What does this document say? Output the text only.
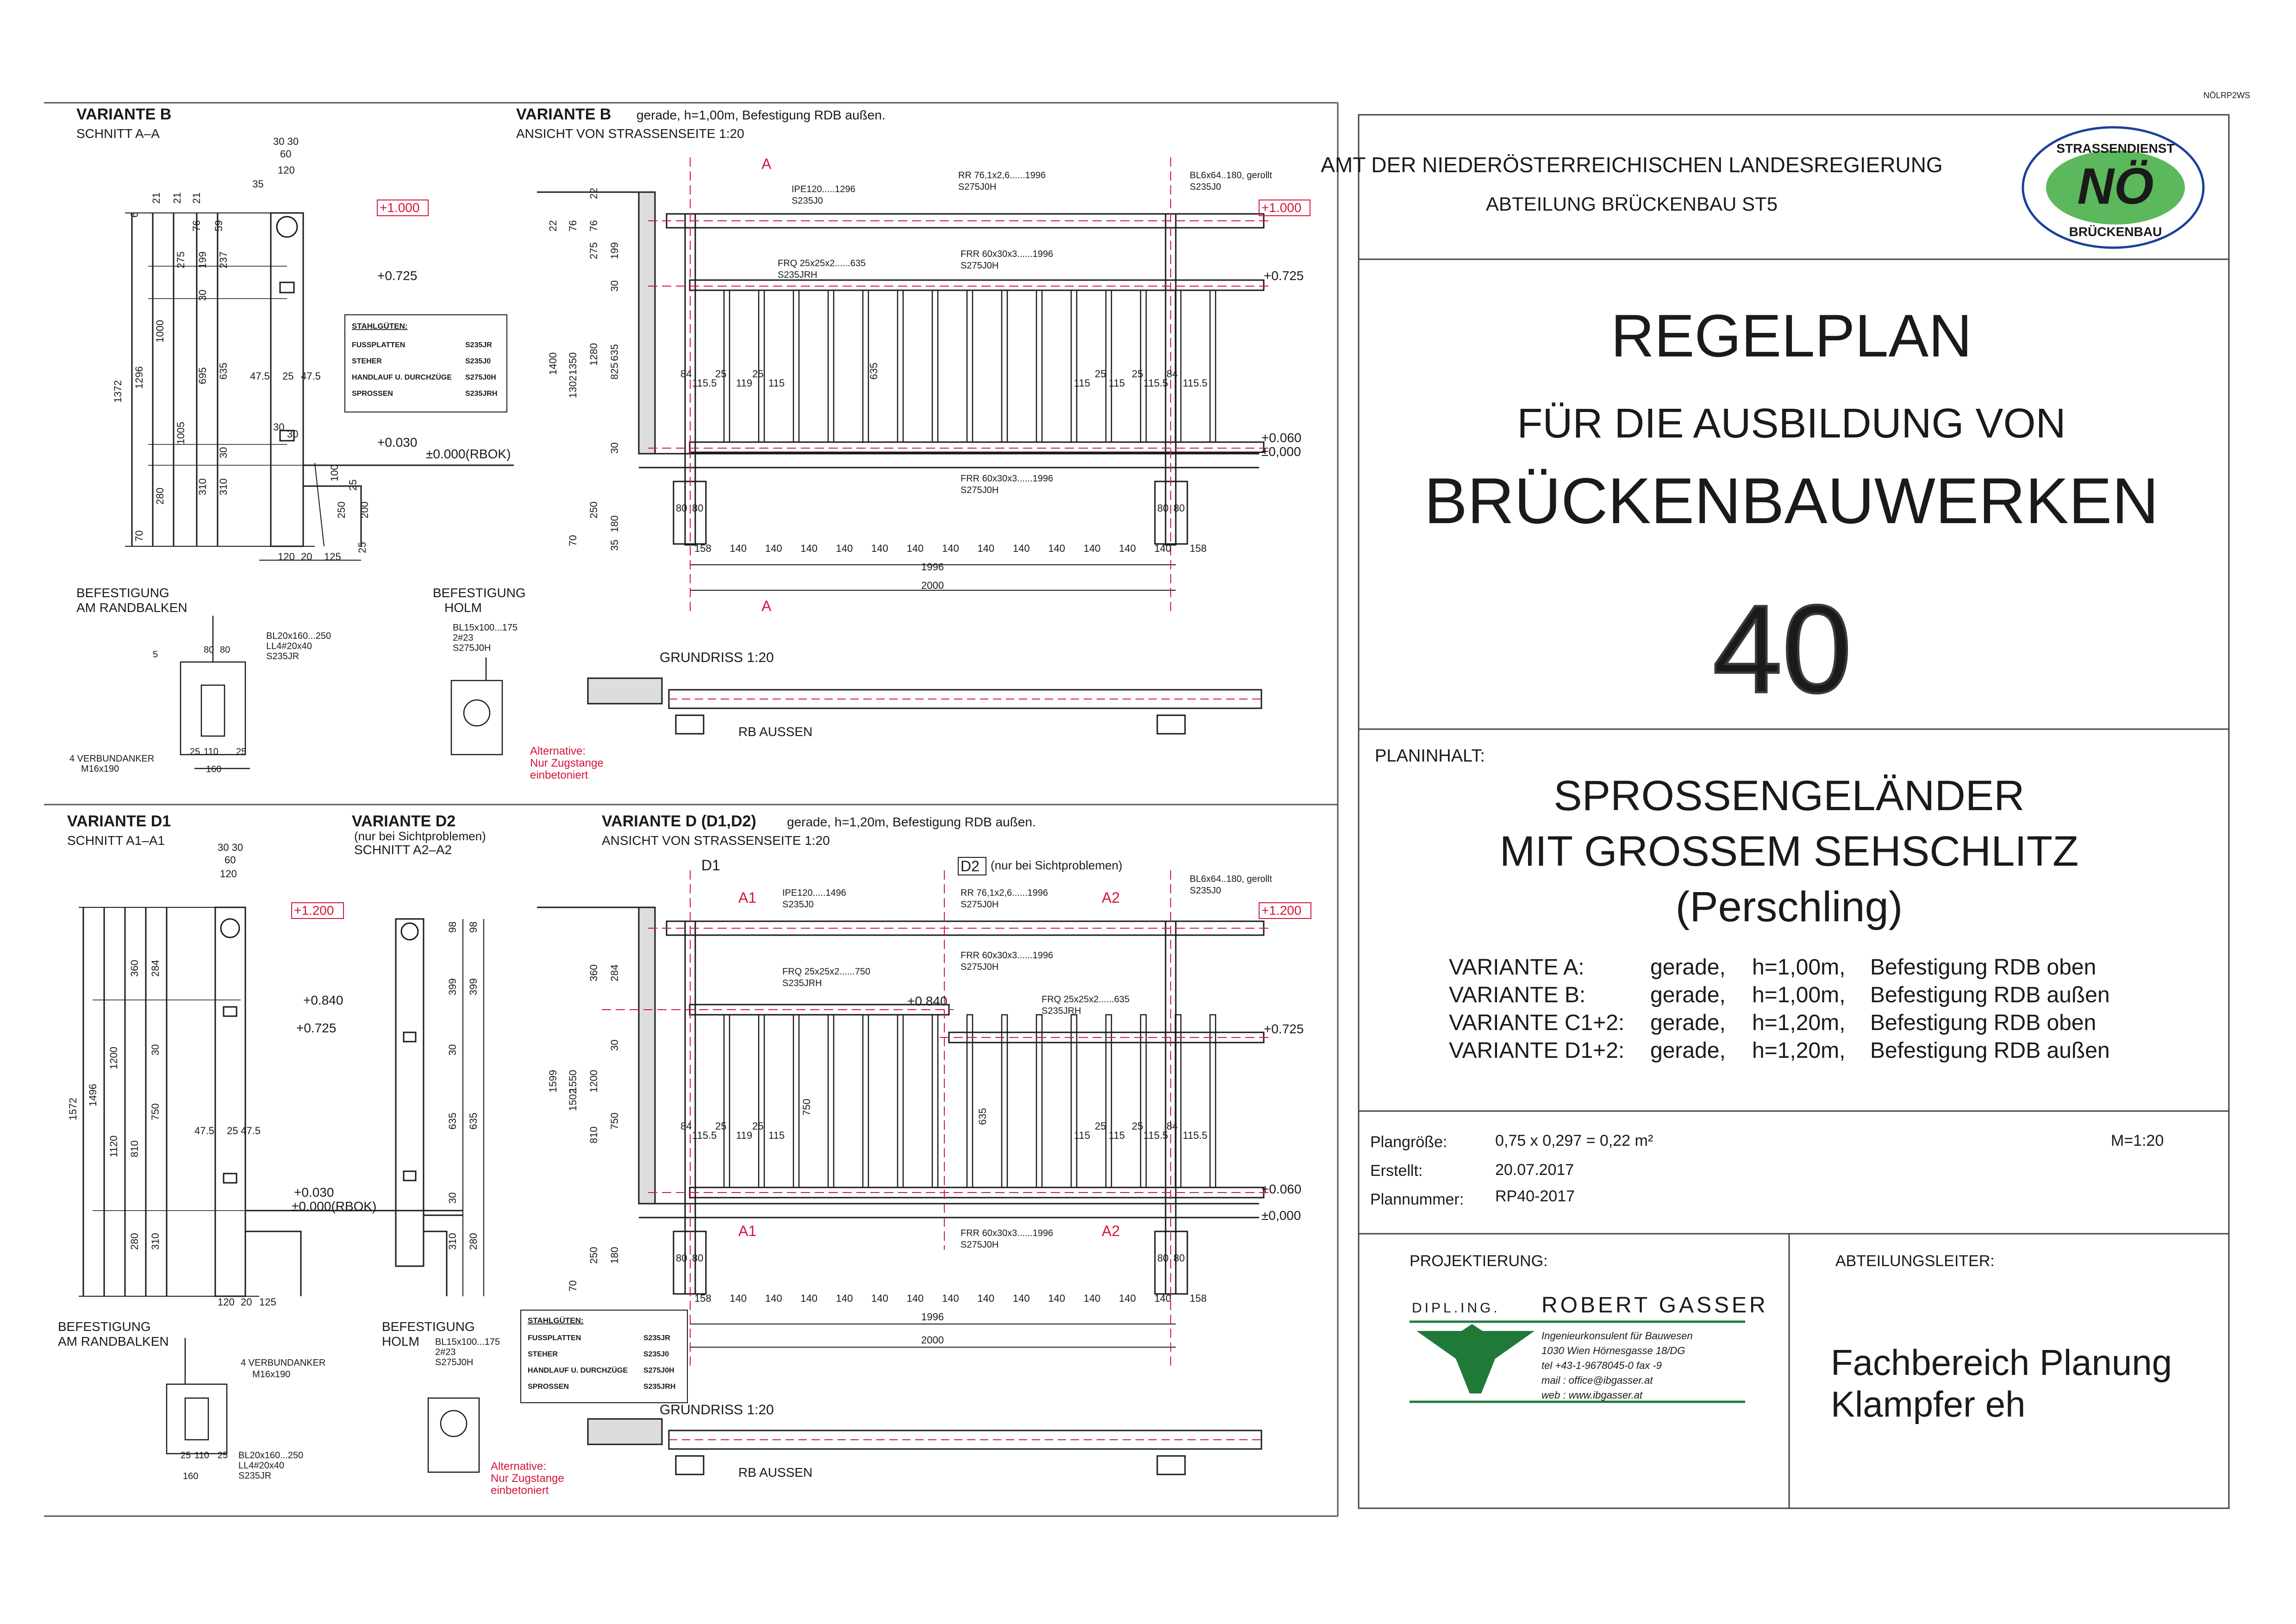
NÖLRP2WS
VARIANTE B
SCHNITT A–A
6
21 21 21
76 59
1372
1296
1000
275 199 237
30
695 635
1005
30
280
310 310
70
30 30
60
120
35
47.5 25 47.5
30
30
100
25
250 200
25
120 20 125
+1.000
+0.725
+0.030
±0.000(RBOK)
STAHLGÜTEN:
FUSSPLATTEN	S235JR
STEHER	S235J0
HANDLAUF U. DURCHZÜGE S275J0H
SPROSSEN	S235JRH
VARIANTE B gerade, h=1,00m, Befestigung RDB außen.
ANSICHT VON STRASSENSEITE 1:20
22 76
22
76
275 199
30
1400 1350
1302
1280
825
635
30
70
250
180
35
635
84
115.5
25
119
25
115	115
25
115
25
115.5
84
115.5
80 80	80 80
1996
2000
158 140 140 140 140 140 140 140 140 140 140 140 140 140 158
IPE120.....1296
S235J0
RR 76,1x2,6......1996
S275J0H
FRQ 25x25x2......635
S235JRH
FRR 60x30x3......1996
S275J0H
BL6x64..180, gerollt
S235J0
FRR 60x30x3......1996
S275J0H
A
A
+1.000
+0.725
+0.060
±0,000
GRUNDRISS 1:20
RB AUSSEN
BEFESTIGUNG
AM RANDBALKEN
BL20x160...250
LL4#20x40
S235JR
4 VERBUNDANKER
M16x190
80 80
5
25 110 25
160
BEFESTIGUNG
HOLM
BL15x100...175
2#23
S275J0H
Alternative:
Nur Zugstange
einbetoniert
VARIANTE D1
SCHNITT A1–A1
VARIANTE D2
(nur bei Sichtproblemen)
SCHNITT A2–A2
1572
1496
1200
1120
360 284
810
750
30
280 310
47.5 25 47.5
30 30
60
120
120 20 125
+1.200
+0.840
+0.725
+0.030
±0.000(RBOK)
98 98
399 399
30
635 635
30
310 280
VARIANTE D (D1,D2) gerade, h=1,20m, Befestigung RDB außen.
ANSICHT VON STRASSENSEITE 1:20
D1	D2 (nur bei Sichtproblemen)
1599 1550
1502
1200
360 284
810
750
30
70
250 180
750
635
84
115.5
25
119
25
115	115
25
115
25
115.5
84
115.5
80 80	80 80
1996
2000
158 140 140 140 140 140 140 140 140 140 140 140 140 140 158
IPE120.....1496
S235J0
RR 76,1x2,6......1996
S275J0H
FRQ 25x25x2......750
S235JRH
FRR 60x30x3......1996
S275J0H
FRQ 25x25x2......635
S235JRH
BL6x64..180, gerollt
S235J0
FRR 60x30x3......1996
S275J0H
A1	A2
A1	A2
+1.200
+0.840
+0.725
+0.060
±0,000
GRUNDRISS 1:20
RB AUSSEN
STAHLGÜTEN:
FUSSPLATTEN	S235JR
STEHER	S235J0
HANDLAUF U. DURCHZÜGE S275J0H
SPROSSEN	S235JRH
BEFESTIGUNG
AM RANDBALKEN
4 VERBUNDANKER
M16x190
BL20x160...250
LL4#20x40
S235JR
25 110 25
160
BEFESTIGUNG
HOLM BL15x100...175
2#23
S275J0H
Alternative:
Nur Zugstange
einbetoniert
AMT DER NIEDERÖSTERREICHISCHEN LANDESREGIERUNG
ABTEILUNG BRÜCKENBAU ST5
REGELPLAN
FÜR DIE AUSBILDUNG VON
BRÜCKENBAUWERKEN
40
PLANINHALT:
SPROSSENGELÄNDER
MIT GROSSEM SEHSCHLITZ
(Perschling)
VARIANTE A:	gerade, h=1,00m, Befestigung RDB oben
VARIANTE B:	gerade, h=1,00m, Befestigung RDB außen
VARIANTE C1+2: gerade, h=1,20m, Befestigung RDB oben
VARIANTE D1+2: gerade, h=1,20m, Befestigung RDB außen
Plangröße:	0,75 x 0,297 = 0,22 m²	M=1:20
Erstellt:	20.07.2017
Plannummer: RP40-2017
PROJEKTIERUNG:	ABTEILUNGSLEITER:
DIPL.ING. ROBERT GASSER
Ingenieurkonsulent für Bauwesen
1030 Wien Hörnesgasse 18/DG
tel +43-1-9678045-0 fax -9
mail : office@ibgasser.at
web : www.ibgasser.at
Fachbereich Planung
Klampfer eh
NÖ
STRASSENDIENST
BRÜCKENBAU
